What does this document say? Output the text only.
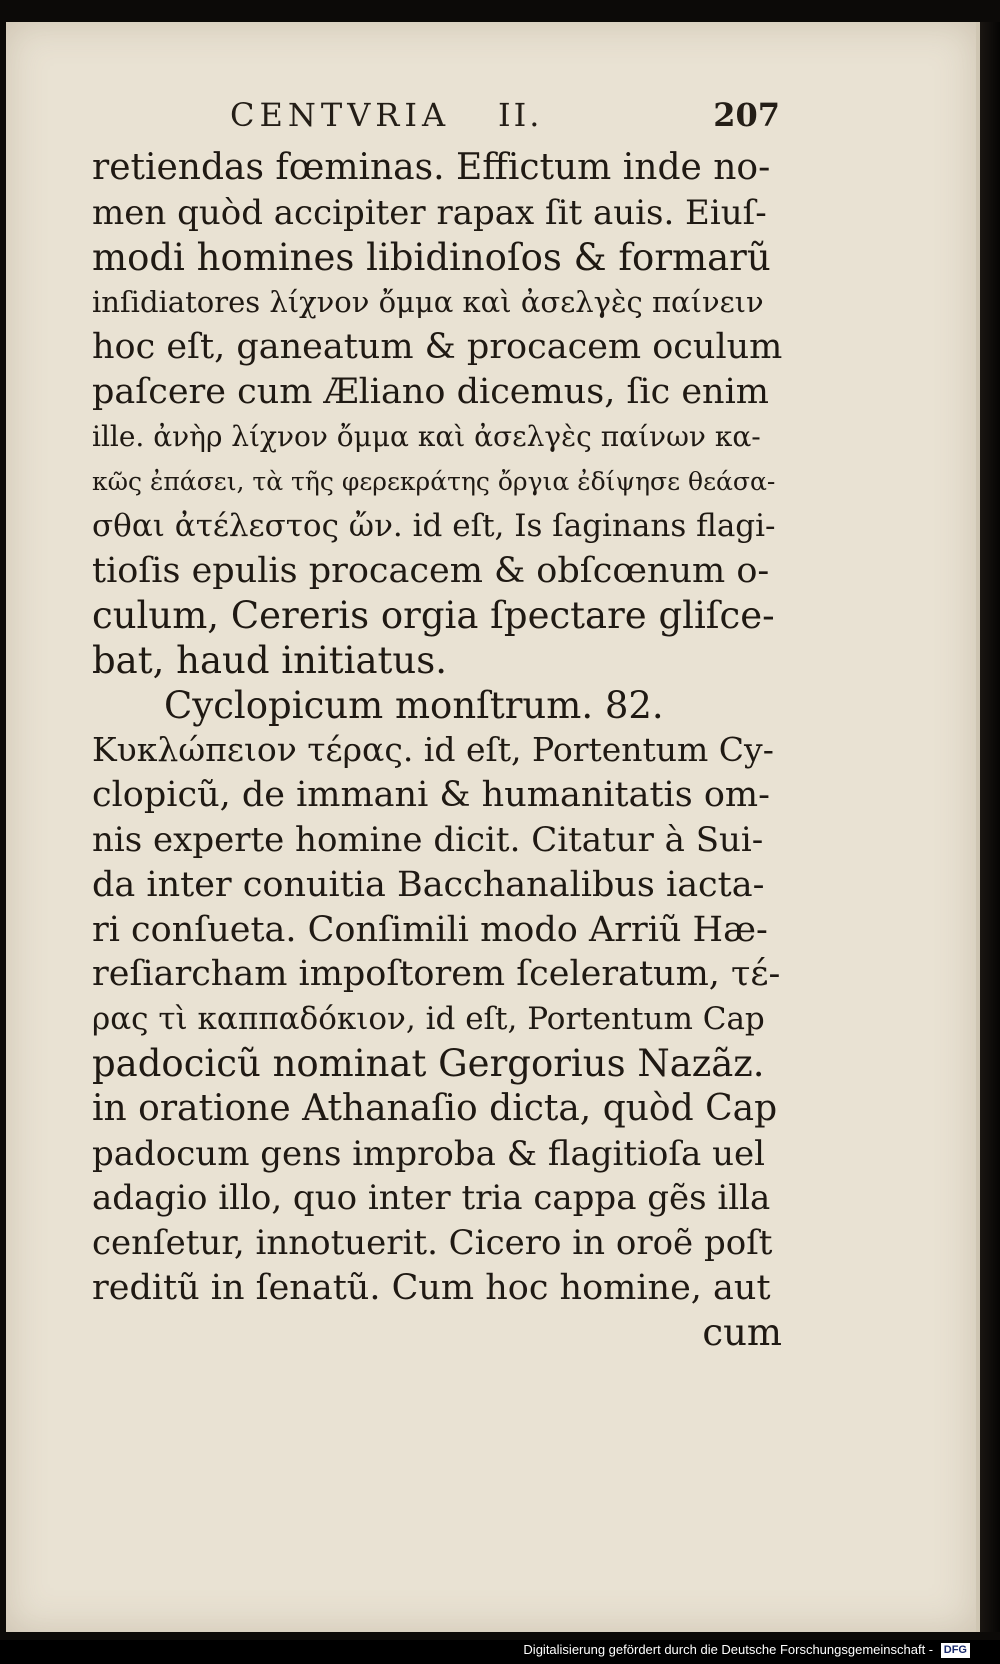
CENTVRIA II.	207
retiendas fœminas. Effictum inde no-
men quòd accipiter rapax ſit auis. Eiuſ-
modi homines libidinoſos & formarũ
inſidiatores λίχνον ὄμμα καὶ ἀσελγὲς παίνειν
hoc eſt, ganeatum & procacem oculum
paſcere cum Æliano dicemus, ſic enim
ille. ἀνὴρ λίχνον ὄμμα καὶ ἀσελγὲς παίνων κα-
κῶς ἐπάσει, τὰ τῆς φερεκράτης ὄργια ἐδίψησε θεάσα-
σθαι ἀτέλεστος ὤν. id eſt, Is ſaginans flagi-
tioſis epulis procacem & obſcœnum o-
culum, Cereris orgia ſpectare gliſce-
bat, haud initiatus.
Cyclopicum monſtrum. 82.
Κυκλώπειον τέρας. id eſt, Portentum Cy-
clopicũ, de immani & humanitatis om-
nis experte homine dicit. Citatur à Sui-
da inter conuitia Bacchanalibus iacta-
ri conſueta. Conſimili modo Arriũ Hæ-
reſiarcham impoſtorem ſceleratum, τέ-
ρας τὶ καππαδόκιον, id eſt, Portentum Cap
padocicũ nominat Gergorius Nazãz.
in oratione Athanaſio dicta, quòd Cap
padocum gens improba & flagitioſa uel
adagio illo, quo inter tria cappa gẽs illa
cenſetur, innotuerit. Cicero in oroẽ poſt
reditũ in ſenatũ. Cum hoc homine, aut
cum
Digitalisierung gefördert durch die Deutsche Forschungsgemeinschaft - DFG
